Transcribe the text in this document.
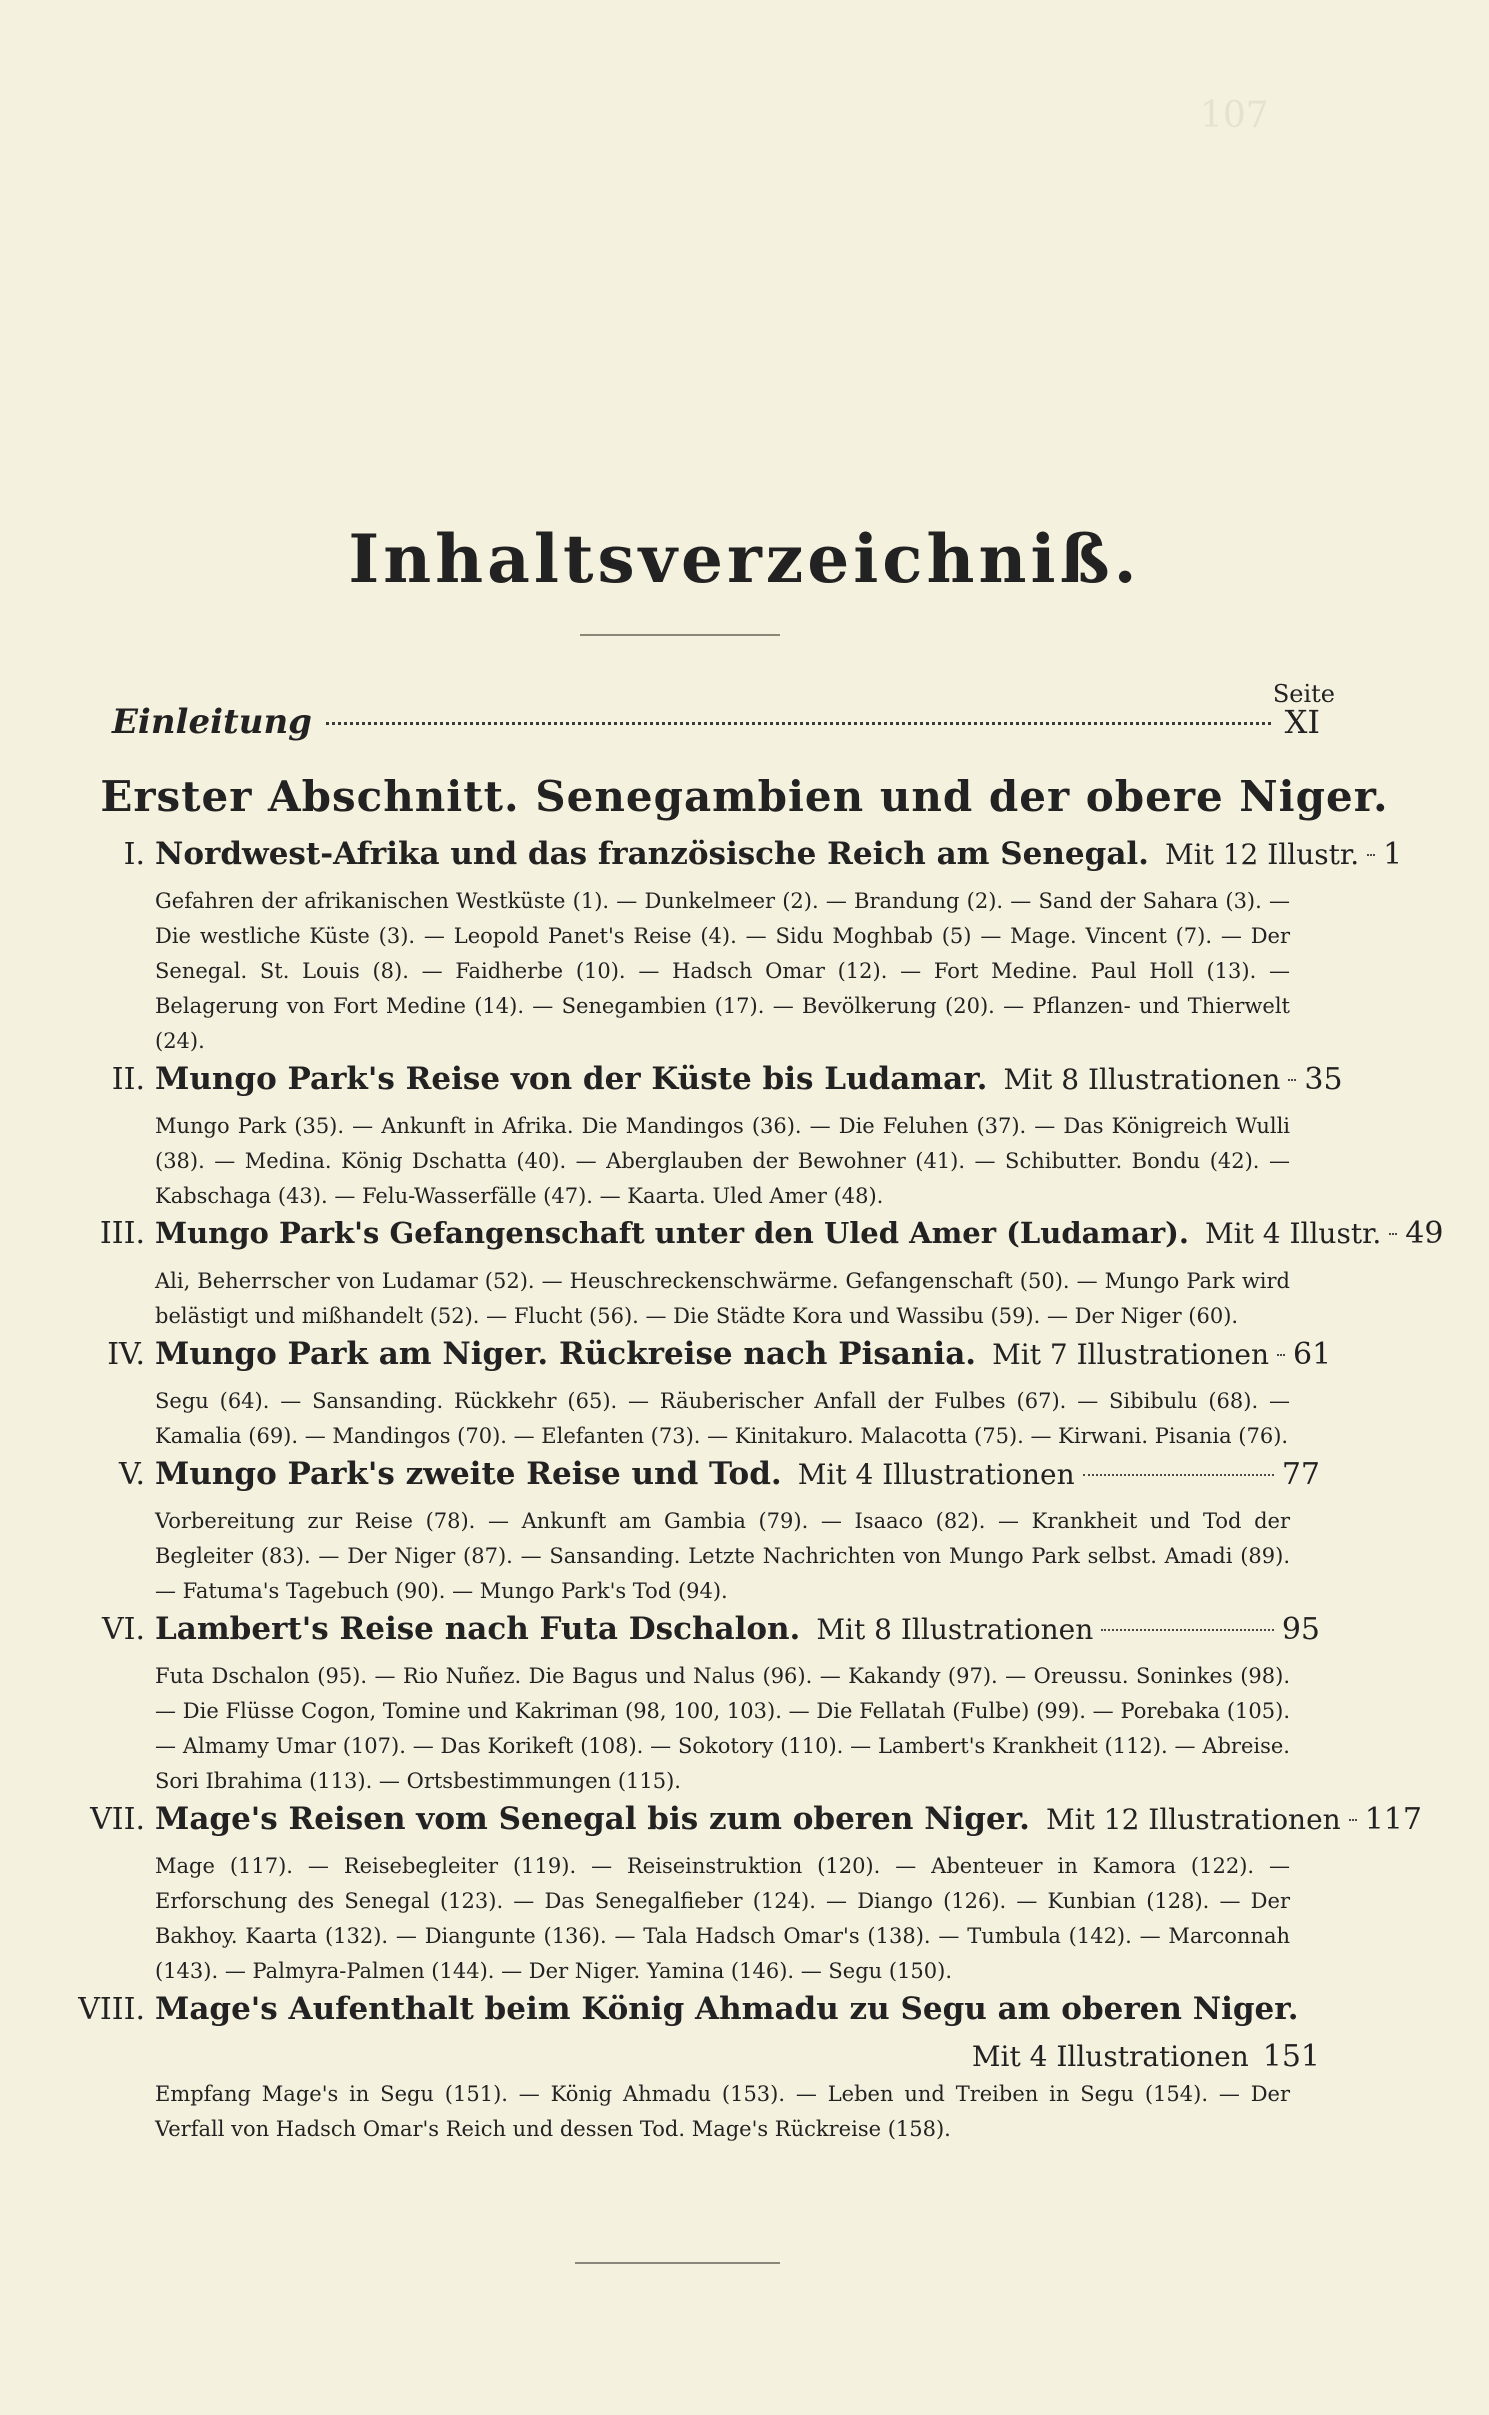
107
Inhaltsverzeichniß.
Seite
Einleitung	XI
Erster Abschnitt. Senegambien und der obere Niger.
I. Nordwest-Afrika und das französische Reich am Senegal. Mit 12 Illustr. 1
Gefahren der afrikanischen Westküste (1). — Dunkelmeer (2). — Brandung (2). — Sand der Sahara (3). — Die westliche Küste (3). — Leopold Panet's Reise (4). — Sidu Moghbab (5) — Mage. Vincent (7). — Der Senegal. St. Louis (8). — Faidherbe (10). — Hadsch Omar (12). — Fort Medine. Paul Holl (13). — Belagerung von Fort Medine (14). — Senegambien (17). — Bevölkerung (20). — Pflanzen- und Thierwelt (24).
II. Mungo Park's Reise von der Küste bis Ludamar. Mit 8 Illustrationen 35
Mungo Park (35). — Ankunft in Afrika. Die Mandingos (36). — Die Feluhen (37). — Das Königreich Wulli (38). — Medina. König Dschatta (40). — Aberglauben der Bewohner (41). — Schibutter. Bondu (42). — Kabschaga (43). — Felu-Wasserfälle (47). — Kaarta. Uled Amer (48).
III. Mungo Park's Gefangenschaft unter den Uled Amer (Ludamar). Mit 4 Illustr. 49
Ali, Beherrscher von Ludamar (52). — Heuschreckenschwärme. Gefangenschaft (50). — Mungo Park wird belästigt und mißhandelt (52). — Flucht (56). — Die Städte Kora und Wassibu (59). — Der Niger (60).
IV. Mungo Park am Niger. Rückreise nach Pisania. Mit 7 Illustrationen 61
Segu (64). — Sansanding. Rückkehr (65). — Räuberischer Anfall der Fulbes (67). — Sibibulu (68). — Kamalia (69). — Mandingos (70). — Elefanten (73). — Kinitakuro. Malacotta (75). — Kirwani. Pisania (76).
V. Mungo Park's zweite Reise und Tod. Mit 4 Illustrationen	77
Vorbereitung zur Reise (78). — Ankunft am Gambia (79). — Isaaco (82). — Krankheit und Tod der Begleiter (83). — Der Niger (87). — Sansanding. Letzte Nachrichten von Mungo Park selbst. Amadi (89). — Fatuma's Tagebuch (90). — Mungo Park's Tod (94).
VI. Lambert's Reise nach Futa Dschalon. Mit 8 Illustrationen	95
Futa Dschalon (95). — Rio Nuñez. Die Bagus und Nalus (96). — Kakandy (97). — Oreussu. Soninkes (98). — Die Flüsse Cogon, Tomine und Kakriman (98, 100, 103). — Die Fellatah (Fulbe) (99). — Porebaka (105). — Almamy Umar (107). — Das Korikeft (108). — Sokotory (110). — Lambert's Krankheit (112). — Abreise. Sori Ibrahima (113). — Ortsbestimmungen (115).
VII. Mage's Reisen vom Senegal bis zum oberen Niger. Mit 12 Illustrationen 117
Mage (117). — Reisebegleiter (119). — Reiseinstruktion (120). — Abenteuer in Kamora (122). — Erforschung des Senegal (123). — Das Senegalfieber (124). — Diango (126). — Kunbian (128). — Der Bakhoy. Kaarta (132). — Diangunte (136). — Tala Hadsch Omar's (138). — Tumbula (142). — Marconnah (143). — Palmyra-Palmen (144). — Der Niger. Yamina (146). — Segu (150).
VIII. Mage's Aufenthalt beim König Ahmadu zu Segu am oberen Niger.
Mit 4 Illustrationen 151
Empfang Mage's in Segu (151). — König Ahmadu (153). — Leben und Treiben in Segu (154). — Der Verfall von Hadsch Omar's Reich und dessen Tod. Mage's Rückreise (158).
